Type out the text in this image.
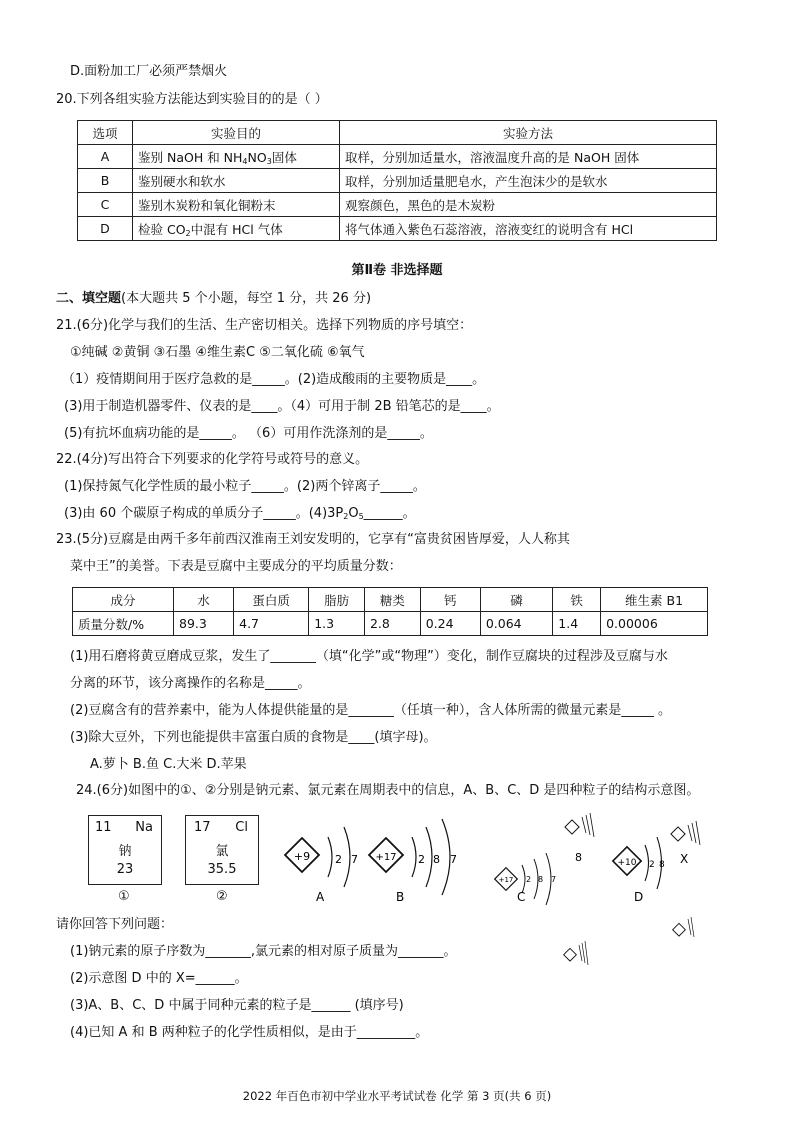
D.面粉加工厂必须严禁烟火
20.下列各组实验方法能达到实验目的的是（ ）
选项	实验目的	实验方法
A	鉴别 NaOH 和 $NH_4NO_3$固体	取样，分别加适量水，溶液温度升高的是 NaOH 固体
B	鉴别硬水和软水	取样，分别加适量肥皂水，产生泡沫少的是软水
C	鉴别木炭粉和氧化铜粉末	观察颜色，黑色的是木炭粉
D	检验 $CO_2$中混有 HCl 气体	将气体通入紫色石蕊溶液，溶液变红的说明含有 HCl
第Ⅱ卷 非选择题
二、填空题(本大题共 5 个小题，每空 1 分，共 26 分)
21.(6分)化学与我们的生活、生产密切相关。选择下列物质的序号填空：
①纯碱 ②黄铜 ③石墨 ④维生素C ⑤二氧化硫 ⑥氧气
（1）疫情期间用于医疗急救的是_____。(2)造成酸雨的主要物质是____。
(3)用于制造机器零件、仪表的是____。（4）可用于制 2B 铅笔芯的是____。
(5)有抗坏血病功能的是_____。 （6）可用作洗涤剂的是_____。
22.(4分)写出符合下列要求的化学符号或符号的意义。
(1)保持氮气化学性质的最小粒子_____。(2)两个锌离子_____。
(3)由 60 个碳原子构成的单质分子_____。$(4)3P_2O_5\_\_\_\_\_\_$。
23.(5分)豆腐是由两千多年前西汉淮南王刘安发明的，它享有“富贵贫困皆厚爱，人人称其
菜中王”的美誉。下表是豆腐中主要成分的平均质量分数：
成分	水	蛋白质	脂肪	糖类	钙	磷	铁	维生素 B1
质量分数/%	89.3	4.7	1.3	2.8	0.24	0.064	1.4	0.00006
(1)用石磨将黄豆磨成豆浆，发生了_______（填“化学”或“物理”）变化，制作豆腐块的过程涉及豆腐与水
分离的环节，该分离操作的名称是_____。
(2)豆腐含有的营养素中，能为人体提供能量的是_______（任填一种），含人体所需的微量元素是_____ 。
(3)除大豆外，下列也能提供丰富蛋白质的食物是____(填字母)。
A.萝卜 B.鱼 C.大米 D.苹果
24.(6分)如图中的①、②分别是钠元素、氯元素在周期表中的信息，A、B、C、D 是四种粒子的结构示意图。
11 Na
钠
23
①
17 Cl
氯
35.5
②
+9 2 7
A
+17 2 8 7
B
+17 2 8 7
C
8	+10 2 8
D
X
请你回答下列问题：
(1)钠元素的原子序数为_______,氯元素的相对原子质量为_______。
(2)示意图 D 中的 X=______。
(3)A、B、C、D 中属于同种元素的粒子是______ (填序号)
(4)已知 A 和 B 两种粒子的化学性质相似，是由于_________。
2022 年百色市初中学业水平考试试卷 化学 第 3 页(共 6 页)
